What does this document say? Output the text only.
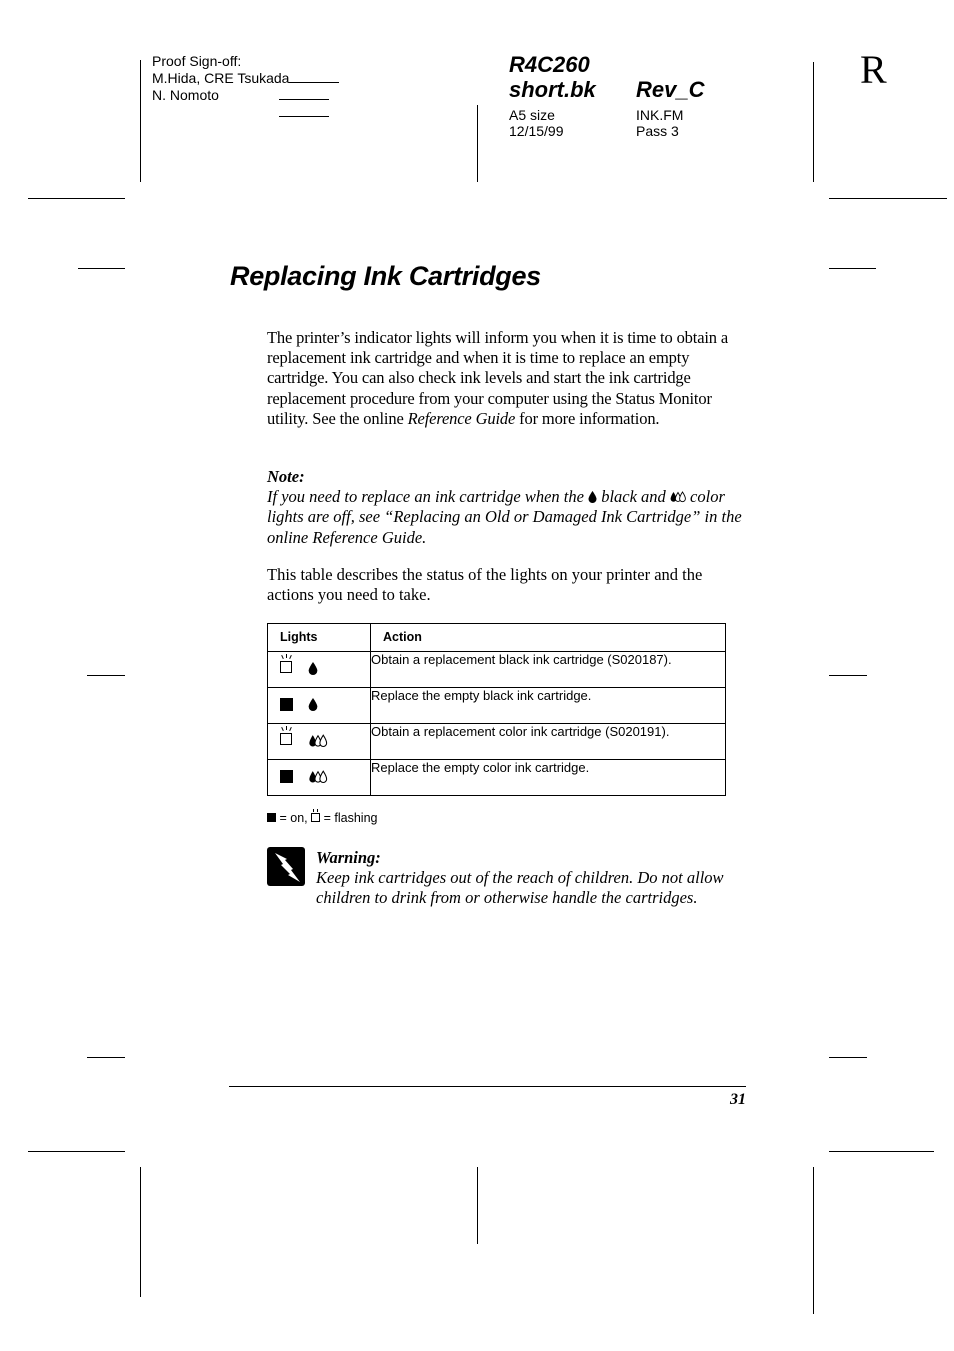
Proof Sign-off:
M.Hida, CRE Tsukada
N. Nomoto
R4C260
short.bk Rev_C
A5 size
12/15/99
INK.FM
Pass 3
R
Replacing Ink Cartridges
The printer’s indicator lights will inform you when it is time to obtain a replacement ink cartridge and when it is time to replace an empty cartridge. You can also check ink levels and start the ink cartridge replacement procedure from your computer using the Status Monitor utility. See the online Reference Guide for more information.
Note:
If you need to replace an ink cartridge when the  black and  color lights are off, see “Replacing an Old or Damaged Ink Cartridge” in the online Reference Guide.
This table describes the status of the lights on your printer and the actions you need to take.
Lights	Action

	Obtain a replacement black ink cartridge (S020187).

	Replace the empty black ink cartridge.

	Obtain a replacement color ink cartridge (S020191).

	Replace the empty color ink cartridge.
= on, = flashing
Warning:
Keep ink cartridges out of the reach of children. Do not allow children to drink from or otherwise handle the cartridges.
31
